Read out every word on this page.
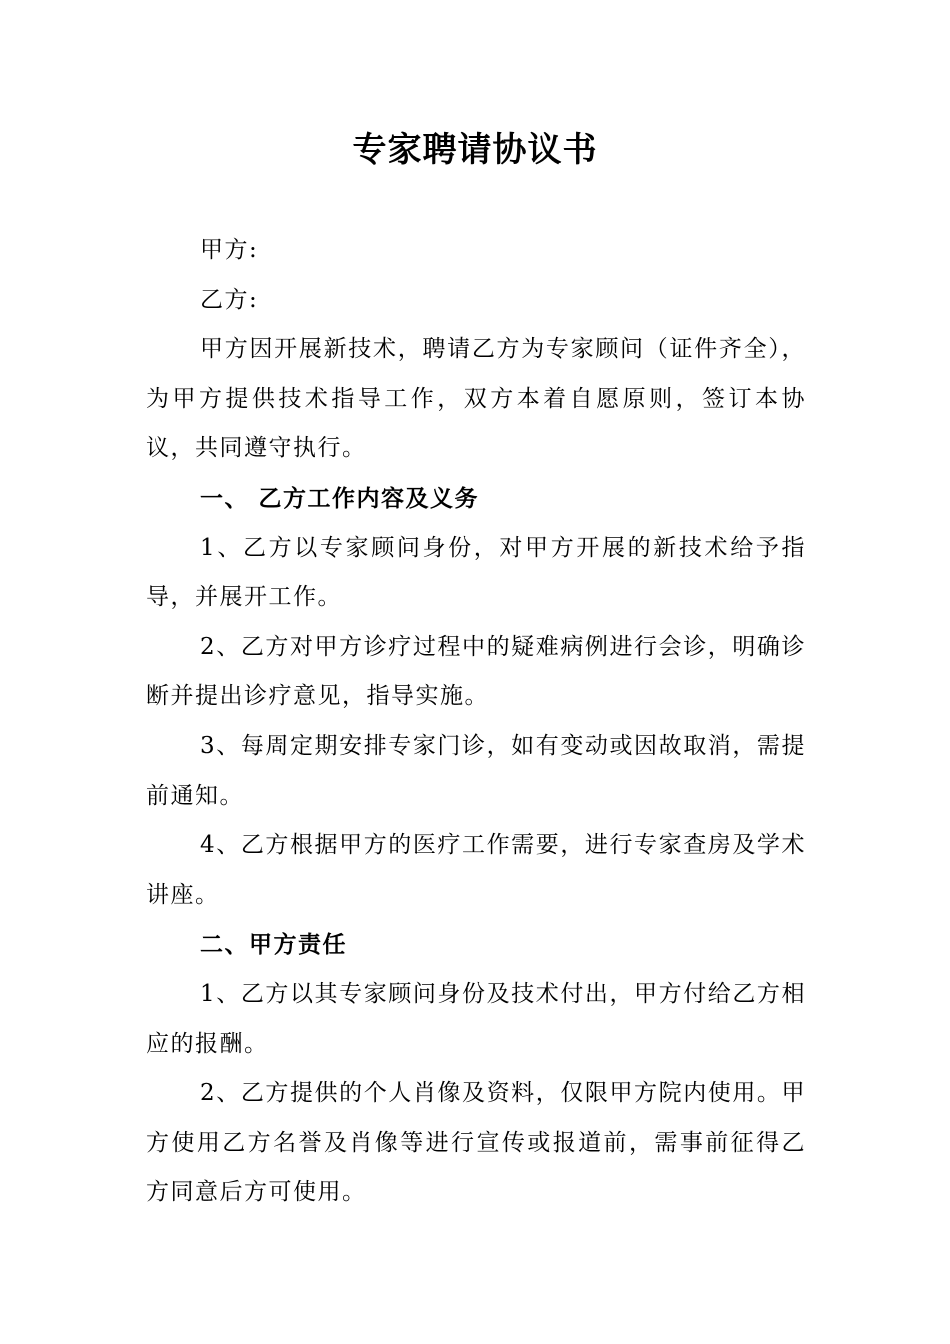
专家聘请协议书

甲方:

乙方:

甲方因开展新技术，聘请乙方为专家顾问（证件齐全），为甲方提供技术指导工作，双方本着自愿原则，签订本协议，共同遵守执行。

一、 乙方工作内容及义务

1、乙方以专家顾问身份，对甲方开展的新技术给予指导，并展开工作。

2、乙方对甲方诊疗过程中的疑难病例进行会诊，明确诊断并提出诊疗意见，指导实施。

3、每周定期安排专家门诊，如有变动或因故取消，需提前通知。

4、乙方根据甲方的医疗工作需要，进行专家查房及学术讲座。

二、甲方责任

1、乙方以其专家顾问身份及技术付出，甲方付给乙方相应的报酬。

2、乙方提供的个人肖像及资料，仅限甲方院内使用。甲方使用乙方名誉及肖像等进行宣传或报道前，需事前征得乙方同意后方可使用。
